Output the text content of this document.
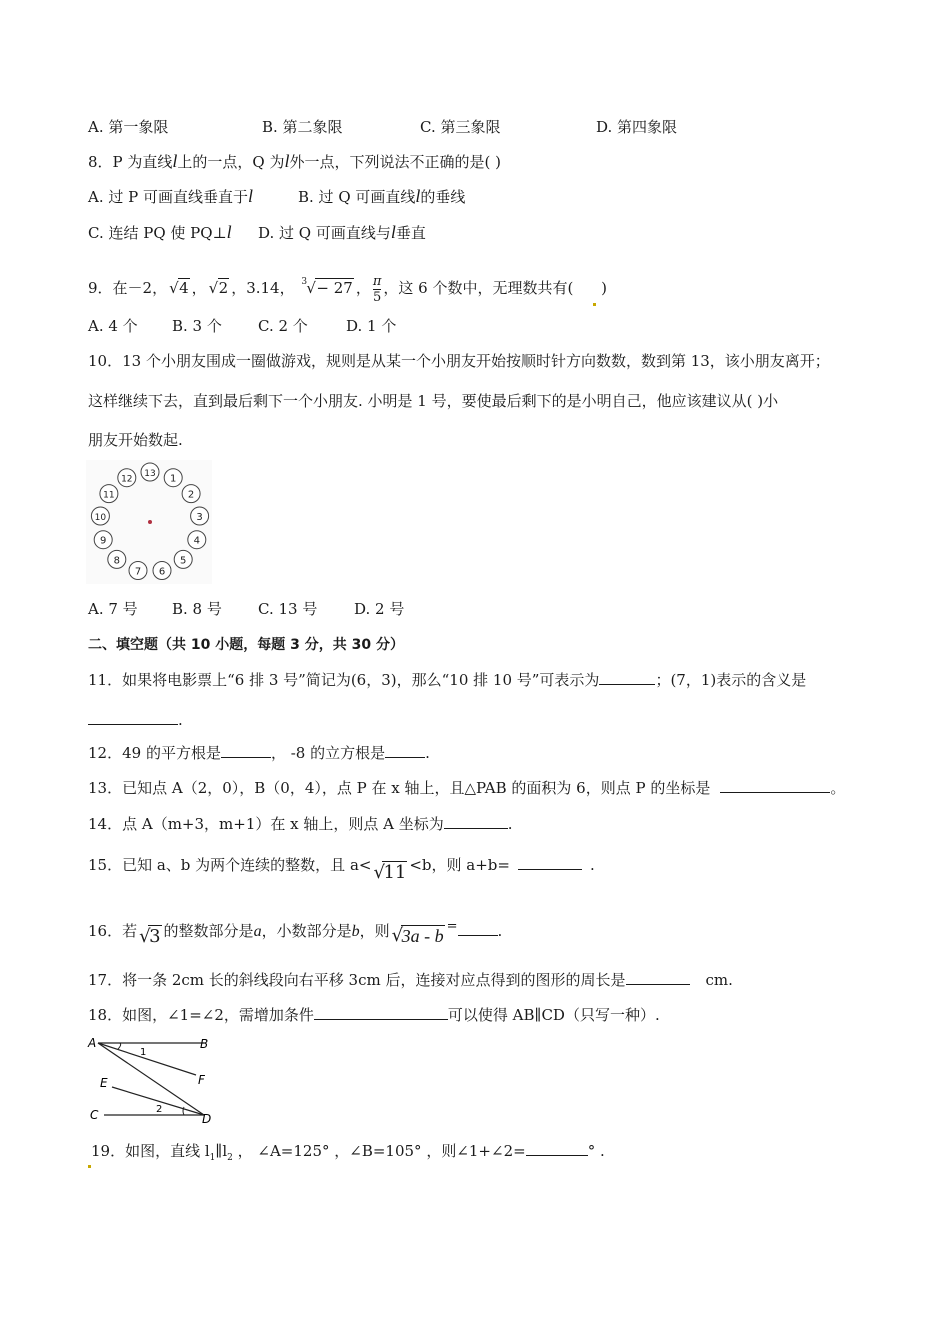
A. 第一象限	B. 第二象限	C. 第三象限	D. 第四象限
8．P 为直线l上的一点，Q 为l外一点，下列说法不正确的是( )
A. 过 P 可画直线垂直于l	B. 过 Q 可画直线l的垂线
C. 连结 PQ 使 PQ⊥l D. 过 Q 可画直线与l垂直
9．在－2， √ 4 ， √ 2 ，3.14， 3 √ − 27 ， $\frac{\pi}{5}$ ，这 6 个数中，无理数共有( )
A. 4 个 B. 3 个 C. 2 个	D. 1 个
10．13 个小朋友围成一圈做游戏，规则是从某一个小朋友开始按顺时针方向数数，数到第 13，该小朋友离开；
这样继续下去，直到最后剩下一个小朋友. 小明是 1 号，要使最后剩下的是小明自己，他应该建议从( )小
朋友开始数起.
1
2
3
4
5
6
7
8
9
10
11
12
13
A. 7 号 B. 8 号 C. 13 号 D. 2 号
二、填空题（共 10 小题，每题 3 分，共 30 分）
11．如果将电影票上“6 排 3 号”简记为(6，3)，那么“10 排 10 号”可表示为	；(7，1)表示的含义是
.
12．49 的平方根是	， -8 的立方根是	.
13．已知点 A（2，0），B（0，4），点 P 在 x 轴上，且△PAB 的面积为 6，则点 P 的坐标是	。
14．点 A（m+3，m+1）在 x 轴上，则点 A 坐标为	.
15．已知 a、b 为两个连续的整数，且 a< √
11 <b，则 a+b=	.
16．若 √
3 的整数部分是a，小数部分是b，则 √
3a - b =	.
17．将一条 2cm 长的斜线段向右平移 3cm 后，连接对应点得到的图形的周长是	cm.
18．如图，∠1=∠2，需增加条件	可以使得 AB∥CD（只写一种）.
A	B
F
E
C	D
1
2
19．如图，直线 $l_1\parallel l_2$ ， ∠A=125° ，∠B=105° ，则∠1+∠2=	° .
